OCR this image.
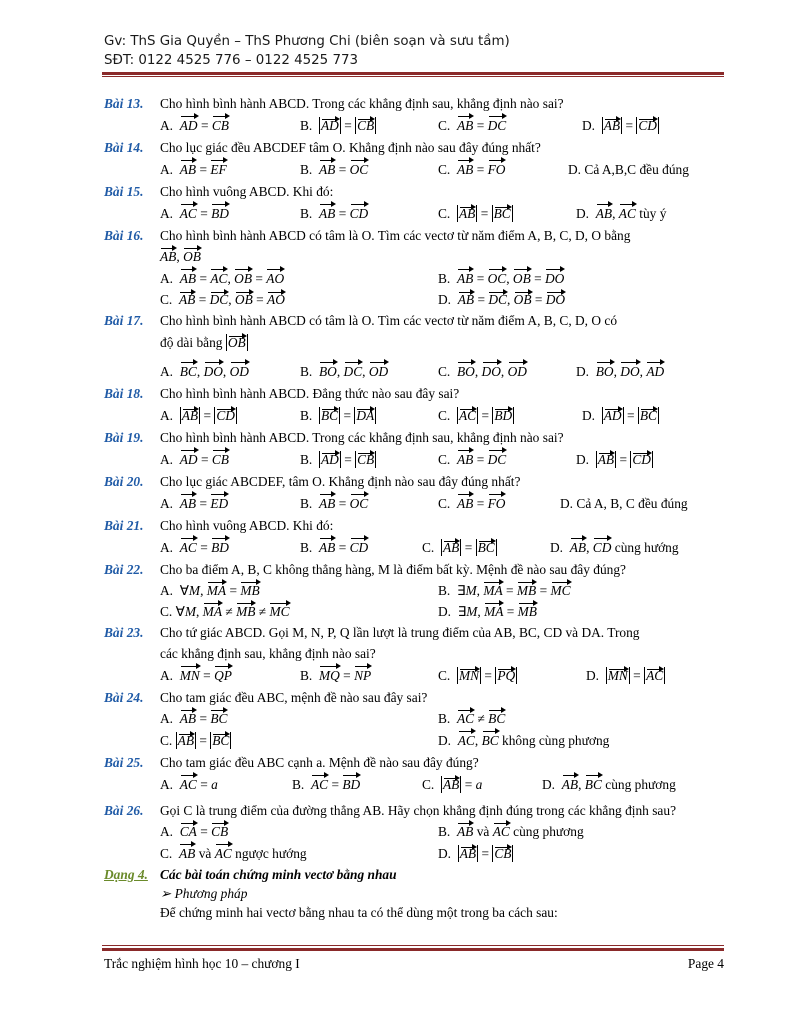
Gv: ThS Gia Quyền – ThS Phương Chi (biên soạn và sưu tầm)
SĐT: 0122 4525 776 – 0122 4525 773
Bài 13. Cho hình bình hành ABCD. Trong các khẳng định sau, khẳng định nào sai?
A. AD = CB	B. AD = CB	C. AB = DC	D. AB = CD
Bài 14. Cho lục giác đều ABCDEF tâm O. Khẳng định nào sau đây đúng nhất?
A. AB = EF	B. AB = OC	C. AB = FO	D. Cả A,B,C đều đúng
Bài 15. Cho hình vuông ABCD. Khi đó:
A. AC = BD	B. AB = CD	C. AB = BC	D. AB, AC tùy ý
Bài 16. Cho hình bình hành ABCD có tâm là O. Tìm các vectơ từ năm điểm A, B, C, D, O bằng
AB, OB
A. AB = AC, OB = AO	B. AB = OC, OB = DO
C. AB = DC, OB = AO	D. AB = DC, OB = DO
Bài 17. Cho hình bình hành ABCD có tâm là O. Tìm các vectơ từ năm điểm A, B, C, D, O có
độ dài bằng OB
A. BC, DO, OD	B. BO, DC, OD	C. BO, DO, OD	D. BO, DO, AD
Bài 18. Cho hình bình hành ABCD. Đẳng thức nào sau đây sai?
A. AB = CD	B. BC = DA	C. AC = BD	D. AD = BC
Bài 19. Cho hình bình hành ABCD. Trong các khẳng định sau, khẳng định nào sai?
A. AD = CB	B. AD = CB	C. AB = DC	D. AB = CD
Bài 20. Cho lục giác ABCDEF, tâm O. Khẳng định nào sau đây đúng nhất?
A. AB = ED	B. AB = OC	C. AB = FO	D. Cả A, B, C đều đúng
Bài 21. Cho hình vuông ABCD. Khi đó:
A. AC = BD	B. AB = CD	C. AB = BC	D. AB, CD cùng hướng
Bài 22. Cho ba điểm A, B, C không thẳng hàng, M là điểm bất kỳ. Mệnh đề nào sau đây đúng?
A. ∀M, MA = MB	B. ∃M, MA = MB = MC
C. ∀M, MA ≠ MB ≠ MC	D. ∃M, MA = MB
Bài 23. Cho tứ giác ABCD. Gọi M, N, P, Q lần lượt là trung điểm của AB, BC, CD và DA. Trong
các khẳng định sau, khẳng định nào sai?
A. MN = QP	B. MQ = NP	C. MN = PQ	D. MN = AC
Bài 24. Cho tam giác đều ABC, mệnh đề nào sau đây sai?
A. AB = BC	B. AC ≠ BC
C. AB = BC	D. AC, BC không cùng phương
Bài 25. Cho tam giác đều ABC cạnh a. Mệnh đề nào sau đây đúng?
A. AC = a	B. AC = BD	C. AB = a	D. AB, BC cùng phương
Bài 26. Gọi C là trung điểm của đường thẳng AB. Hãy chọn khẳng định đúng trong các khẳng định sau?
A. CA = CB	B. AB và AC cùng phương
C. AB và AC ngược hướng	D. AB = CB
Dạng 4. Các bài toán chứng minh vectơ bằng nhau
➢ Phương pháp
Để chứng minh hai vectơ bằng nhau ta có thể dùng một trong ba cách sau:
Trắc nghiệm hình học 10 – chương I	Page 4
